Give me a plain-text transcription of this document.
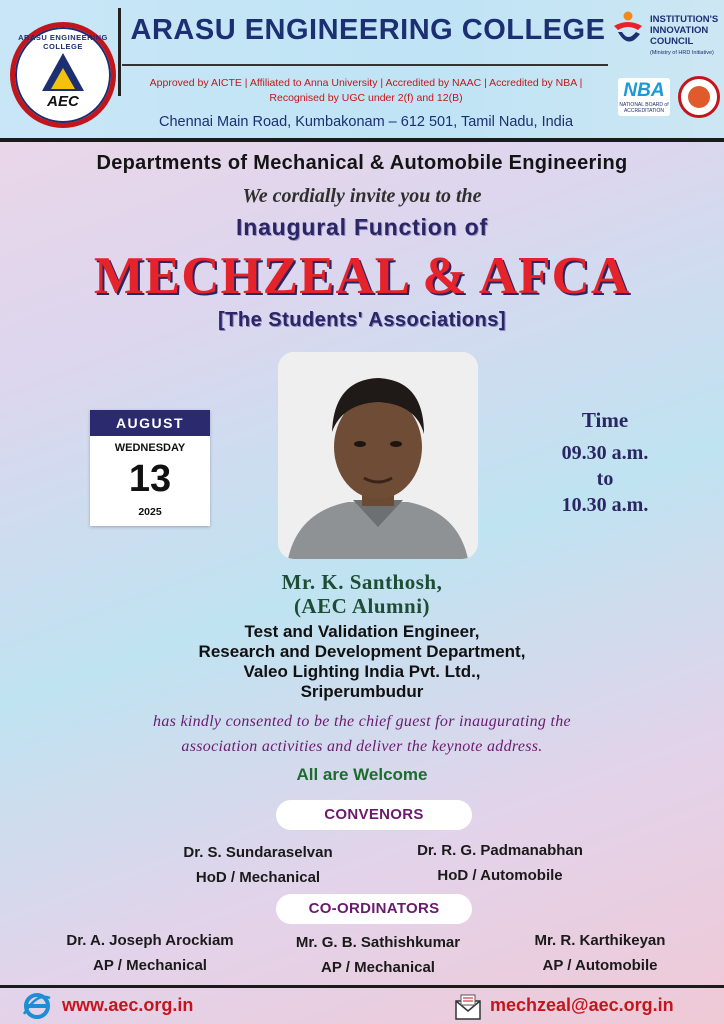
ARASU ENGINEERING COLLEGE
AEC
ARASU ENGINEERING COLLEGE
Approved by AICTE | Affiliated to Anna University | Accredited by NAAC | Accredited by NBA |
Recognised by UGC under 2(f) and 12(B)
Chennai Main Road, Kumbakonam – 612 501, Tamil Nadu, India
INSTITUTION'S
INNOVATION
COUNCIL
(Ministry of HRD Initiative)
NBA
NATIONAL BOARD of ACCREDITATION
Departments of Mechanical & Automobile Engineering
We cordially invite you to the
Inaugural Function of
MECHZEAL & AFCA
[The Students' Associations]
AUGUST
WEDNESDAY
13
2025
Time
09.30 a.m.
to
10.30 a.m.
Mr. K. Santhosh,
(AEC Alumni)
Test and Validation Engineer,
Research and Development Department,
Valeo Lighting India Pvt. Ltd.,
Sriperumbudur
has kindly consented to be the chief guest for inaugurating the
association activities and deliver the keynote address.
All are Welcome
CONVENORS
Dr. S. Sundaraselvan
HoD / Mechanical
Dr. R. G. Padmanabhan
HoD / Automobile
CO-ORDINATORS
Dr. A. Joseph Arockiam
AP / Mechanical
Mr. G. B. Sathishkumar
AP / Mechanical
Mr. R. Karthikeyan
AP / Automobile
www.aec.org.in	mechzeal@aec.org.in
